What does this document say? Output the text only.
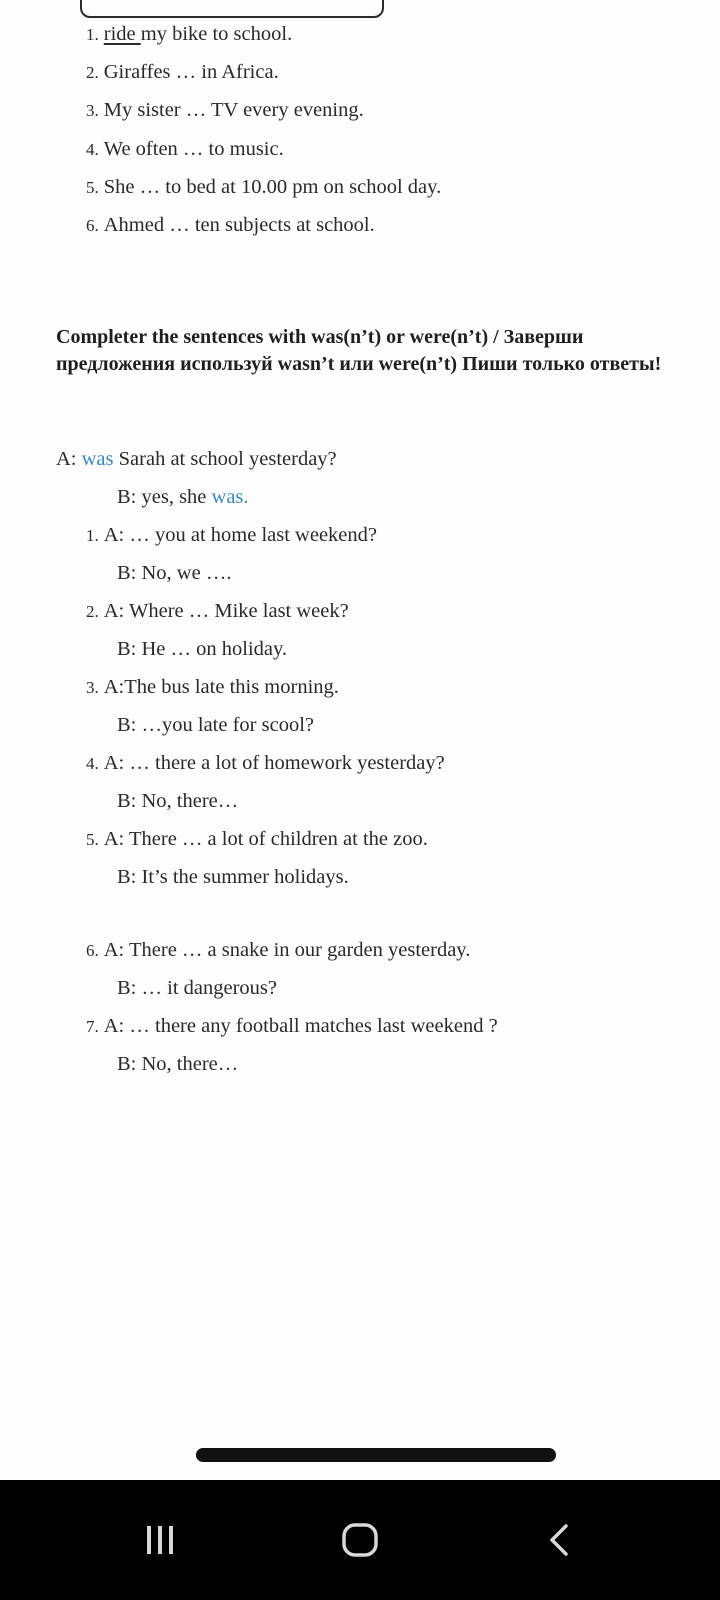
1. ride my bike to school.
2. Giraffes … in Africa.
3. My sister … TV every evening.
4. We often … to music.
5. She … to bed at 10.00 pm on school day.
6. Ahmed … ten subjects at school.
Completer the sentences with was(n’t) or were(n’t) / Заверши предложения используй wasn’t или were(n’t) Пиши только ответы!
A: was Sarah at school yesterday?
B: yes, she was.
1. A: … you at home last weekend?
B: No, we ….
2. A: Where … Mike last week?
B: He … on holiday.
3. A:The bus late this morning.
B: …you late for scool?
4. A: … there a lot of homework yesterday?
B: No, there…
5. A: There … a lot of children at the zoo.
B: It’s the summer holidays.
6. A: There … a snake in our garden yesterday.
B: … it dangerous?
7. A: … there any football matches last weekend ?
B: No, there…
